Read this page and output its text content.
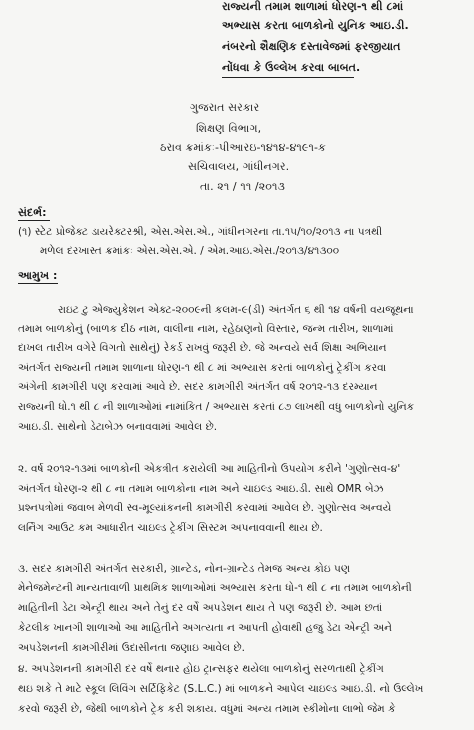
રાજ્યની તમામ શાળામાં ધોરણ-૧ થી ૮માં
અભ્યાસ કરતા બાળકોનો યુનિક આઇ.ડી.
નંબરનો શૈક્ષણિક દસ્તાવેજમાં ફરજીયાત
નોંધવા કે ઉલ્લેખ કરવા બાબત.
ગુજરાત સરકાર
શિક્ષણ વિભાગ,
ઠરાવ ક્રમાંકઃ-પીઆરઇ-૧૪૧૪-૪૧૯૧-ક
સચિવાલય, ગાંધીનગર.
તા. ૨૧ / ૧૧ /૨૦૧૩
સંદર્ભ:
(૧) સ્ટેટ પ્રોજેક્ટ ડાયરેક્ટરશ્રી, એસ.એસ.એ., ગાંધીનગરના તા.૧૫/૧૦/૨૦૧૩ ના પત્રથી
મળેલ દરખાસ્ત ક્રમાંકઃ એસ.એસ.એ. / એમ.આઇ.એસ./૨૦૧૩/૪૧૩૦૦
આમુખ :
રાઇટ ટુ એજ્યુકેશન એક્ટ-૨૦૦૯ની કલમ-૯(ડી) અંતર્ગત ૬ થી ૧૪ વર્ષની વયજૂથના
તમામ બાળકોનું (બાળક દીઠ નામ, વાલીના નામ, રહેઠાણનો વિસ્તાર, જન્મ તારીખ, શાળામાં
દાખલ તારીખ વગેરે વિગતો સાથેનું) રેકર્ડ રાખવું જરૂરી છે. જે અન્વયે સર્વ શિક્ષા અભિયાન
અંતર્ગત રાજ્યની તમામ શાળાના ધોરણ-૧ થી ૮ માં અભ્યાસ કરતાં બાળકોનું ટ્રેકીંગ કરવા
અંગેની કામગીરી પણ કરવામાં આવે છે. સદર કામગીરી અંતર્ગત વર્ષ ૨૦૧૨-૧૩ દરમ્યાન
રાજ્યની ધો.૧ થી ૮ ની શાળાઓમાં નામાંકિત / અભ્યાસ કરતાં ૮૭ લાખથી વધુ બાળકોનો યુનિક
આઇ.ડી. સાથેનો ડેટાબેઝ બનાવવામાં આવેલ છે.
૨. વર્ષ ૨૦૧૨-૧૩માં બાળકોની એકત્રીત કરાયેલી આ માહિતીનો ઉપયોગ કરીને 'ગુણોત્સવ-૪'
અંતર્ગત ધોરણ-૨ થી ૮ ના તમામ બાળકોના નામ અને ચાઇલ્ડ આઇ.ડી. સાથે OMR બેઝ
પ્રશ્નપત્રોમાં જવાબ મેળવી સ્વ-મૂલ્યાંકનની કામગીરી કરવામાં આવેલ છે. ગુણોત્સવ અન્વયે
લર્નિંગ આઉટ કમ આધારીત ચાઇલ્ડ ટ્રેકીંગ સિસ્ટમ અપનાવવાની થાય છે.
૩. સદર કામગીરી અંતર્ગત સરકારી, ગ્રાન્ટેડ, નોન-ગ્રાન્ટેડ તેમજ અન્ય કોઇ પણ
મેનેજમેન્ટની માન્યતાવાળી પ્રાથમિક શાળાઓમાં અભ્યાસ કરતા ધો-૧ થી ૮ ના તમામ બાળકોની
માહિતીની ડેટા એન્ટ્રી થાય અને તેનું દર વર્ષે અપડેશન થાય તે પણ જરૂરી છે. આમ છતાં
કેટલીક ખાનગી શાળાઓ આ માહિતીને અગત્યતા ન આપતી હોવાથી હજુ ડેટા એન્ટ્રી અને
અપડેશનની કામગીરીમાં ઉદાસીનતા જણાઇ આવેલ છે.
૪. અપડેશનની કામગીરી દર વર્ષે થનાર હોઇ ટ્રાન્સફર થયેલા બાળકોનું સરળતાથી ટ્રેકીંગ
થઇ શકે તે માટે સ્કૂલ લિવિંગ સર્ટિફિકેટ (S.L.C.) માં બાળકને આપેલ ચાઇલ્ડ આઇ.ડી. નો ઉલ્લેખ
કરવો જરૂરી છે, જેથી બાળકોને ટ્રેક કરી શકાય. વધુમાં અન્ય તમામ સ્કીમોના લાભો જેમ કે
